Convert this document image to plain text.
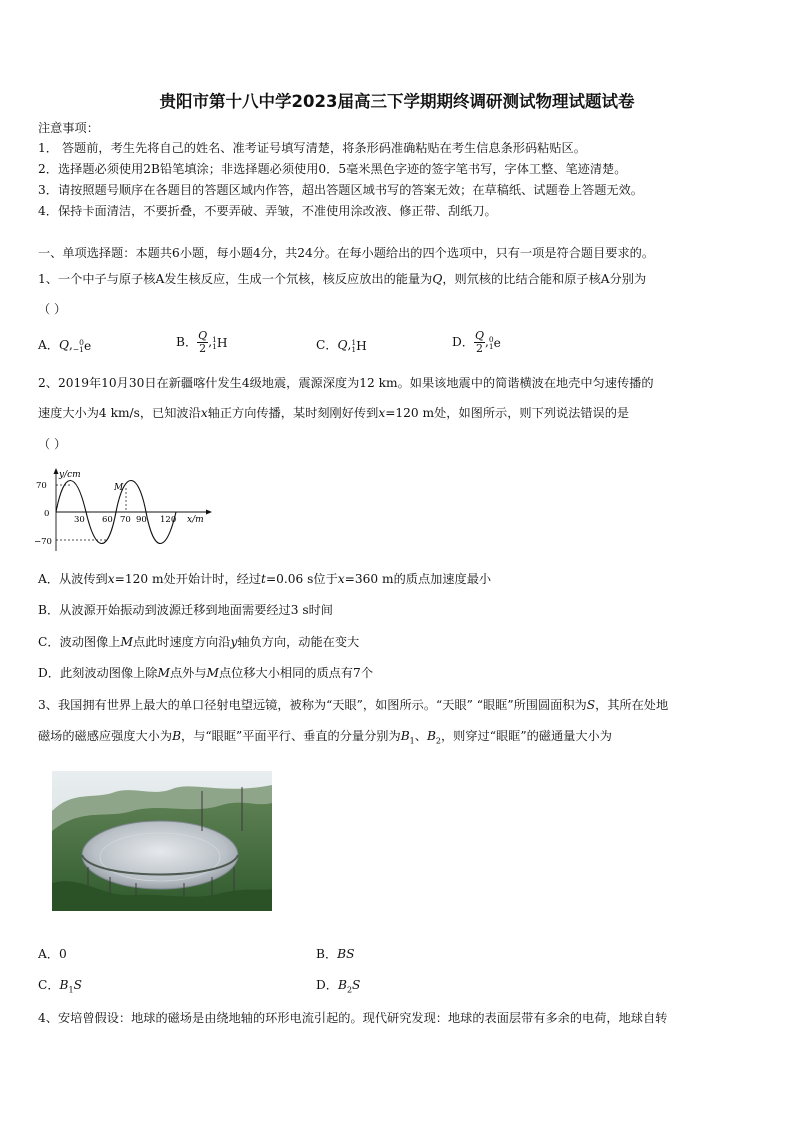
贵阳市第十八中学2023届高三下学期期终调研测试物理试题试卷
注意事项：
1． 答题前，考生先将自己的姓名、准考证号填写清楚，将条形码准确粘贴在考生信息条形码粘贴区。
2．选择题必须使用2B铅笔填涂；非选择题必须使用0．5毫米黑色字迹的签字笔书写，字体工整、笔迹清楚。
3．请按照题号顺序在各题目的答题区域内作答，超出答题区域书写的答案无效；在草稿纸、试题卷上答题无效。
4．保持卡面清洁，不要折叠，不要弄破、弄皱，不准使用涂改液、修正带、刮纸刀。
一、单项选择题：本题共6小题，每小题4分，共24分。在每小题给出的四个选项中，只有一项是符合题目要求的。
1、一个中子与原子核A发生核反应，生成一个氘核，核反应放出的能量为Q，则氘核的比结合能和原子核A分别为
（ ）
A．Q, 0
−1 e	B． $\frac{Q}{2}$ , 1
1 H	C．Q, 1
1 H	D． $\frac{Q}{2}$ , 0
1 e
2、2019年10月30日在新疆喀什发生4级地震，震源深度为12 km。如果该地震中的简谐横波在地壳中匀速传播的
速度大小为4 km/s，已知波沿x轴正方向传播，某时刻刚好传到x=120 m处，如图所示，则下列说法错误的是
（ ）
y/cm
70
0
−70
30 60 70 90 120 x/m
M
A．从波传到x=120 m处开始计时，经过t=0.06 s位于x=360 m的质点加速度最小
B．从波源开始振动到波源迁移到地面需要经过3 s时间
C．波动图像上M点此时速度方向沿y轴负方向，动能在变大
D．此刻波动图像上除M点外与M点位移大小相同的质点有7个
3、我国拥有世界上最大的单口径射电望远镜，被称为“天眼”，如图所示。“天眼” “眼眶”所围圆面积为S，其所在处地
磁场的磁感应强度大小为B，与“眼眶”平面平行、垂直的分量分别为$B_1$、$B_2$，则穿过“眼眶”的磁通量大小为
A．0	B．BS
C．$B_1S$	D．$B_2S$
4、安培曾假设：地球的磁场是由绕地轴的环形电流引起的。现代研究发现：地球的表面层带有多余的电荷，地球自转
